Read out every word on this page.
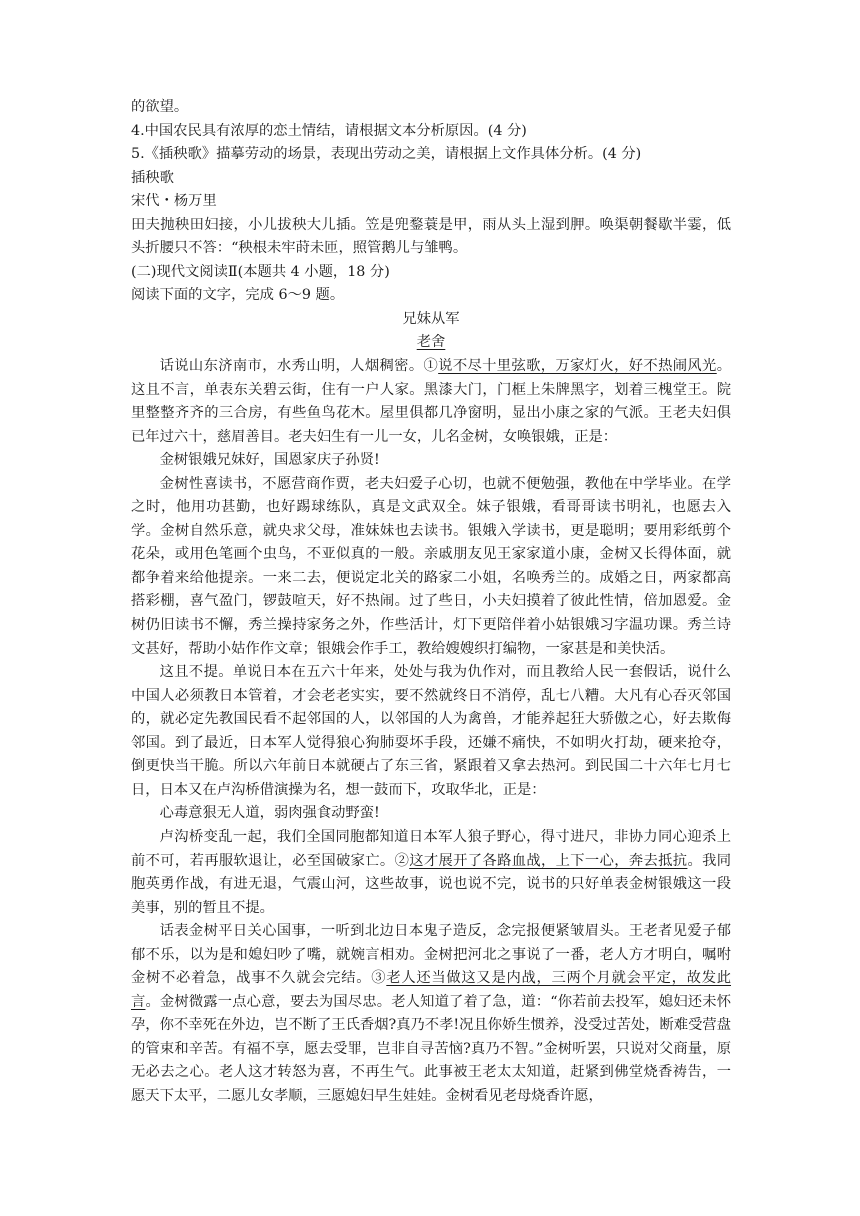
的欲望。

4.中国农民具有浓厚的恋土情结，请根据文本分析原因。(4 分)

5.《插秧歌》描摹劳动的场景，表现出劳动之美，请根据上文作具体分析。(4 分)

插秧歌

宋代・杨万里

田夫抛秧田妇接，小儿拔秧大儿插。笠是兜鍪蓑是甲，雨从头上湿到胛。唤渠朝餐歇半霎，低头折腰只不答：“秧根未牢莳未匝，照管鹅儿与雏鸭。

(二)现代文阅读Ⅱ(本题共 4 小题，18 分)

阅读下面的文字，完成 6～9 题。

兄妹从军

老舍

话说山东济南市，水秀山明，人烟稠密。①说不尽十里弦歌，万家灯火，好不热闹风光。这且不言，单表东关碧云街，住有一户人家。黑漆大门，门框上朱牌黑字，划着三槐堂王。院里整整齐齐的三合房，有些鱼鸟花木。屋里俱都几净窗明，显出小康之家的气派。王老夫妇俱已年过六十，慈眉善目。老夫妇生有一儿一女，儿名金树，女唤银娥，正是：

金树银娥兄妹好，国恩家庆子孙贤!

金树性喜读书，不愿营商作贾，老夫妇爱子心切，也就不便勉强，教他在中学毕业。在学之时，他用功甚勤，也好踢球练队，真是文武双全。妹子银娥，看哥哥读书明礼，也愿去入学。金树自然乐意，就央求父母，准妹妹也去读书。银娥入学读书，更是聪明；要用彩纸剪个花朵，或用色笔画个虫鸟，不亚似真的一般。亲戚朋友见王家家道小康，金树又长得体面，就都争着来给他提亲。一来二去，便说定北关的路家二小姐，名唤秀兰的。成婚之日，两家都高搭彩棚，喜气盈门，锣鼓喧天，好不热闹。过了些日，小夫妇摸着了彼此性情，倍加恩爱。金树仍旧读书不懈，秀兰操持家务之外，作些活计，灯下更陪伴着小姑银娥习字温功课。秀兰诗文甚好，帮助小姑作作文章；银娥会作手工，教给嫂嫂织打编物，一家甚是和美快活。

这且不提。单说日本在五六十年来，处处与我为仇作对，而且教给人民一套假话，说什么中国人必须教日本管着，才会老老实实，要不然就终日不消停，乱七八糟。大凡有心吞灭邻国的，就必定先教国民看不起邻国的人，以邻国的人为禽兽，才能养起狂大骄傲之心，好去欺侮邻国。到了最近，日本军人觉得狼心狗肺耍坏手段，还嫌不痛快，不如明火打劫，硬来抢夺，倒更快当干脆。所以六年前日本就硬占了东三省，紧跟着又拿去热河。到民国二十六年七月七日，日本又在卢沟桥借演操为名，想一鼓而下，攻取华北，正是：

心毒意狠无人道，弱肉强食动野蛮!

卢沟桥变乱一起，我们全国同胞都知道日本军人狼子野心，得寸进尺，非协力同心迎杀上前不可，若再服软退让，必至国破家亡。②这才展开了各路血战，上下一心，奔去抵抗。我同胞英勇作战，有进无退，气震山河，这些故事，说也说不完，说书的只好单表金树银娥这一段美事，别的暂且不提。

话表金树平日关心国事，一听到北边日本鬼子造反，念完报便紧皱眉头。王老者见爱子郁郁不乐，以为是和媳妇吵了嘴，就婉言相劝。金树把河北之事说了一番，老人方才明白，嘱咐金树不必着急，战事不久就会完结。③老人还当做这又是内战，三两个月就会平定，故发此言。金树微露一点心意，要去为国尽忠。老人知道了着了急，道：“你若前去投军，媳妇还未怀孕，你不幸死在外边，岂不断了王氏香烟?真乃不孝!况且你娇生惯养，没受过苦处，断难受营盘的管束和辛苦。有福不享，愿去受罪，岂非自寻苦恼?真乃不智。”金树听罢，只说对父商量，原无必去之心。老人这才转怒为喜，不再生气。此事被王老太太知道，赶紧到佛堂烧香祷告，一愿天下太平，二愿儿女孝顺，三愿媳妇早生娃娃。金树看见老母烧香许愿，
